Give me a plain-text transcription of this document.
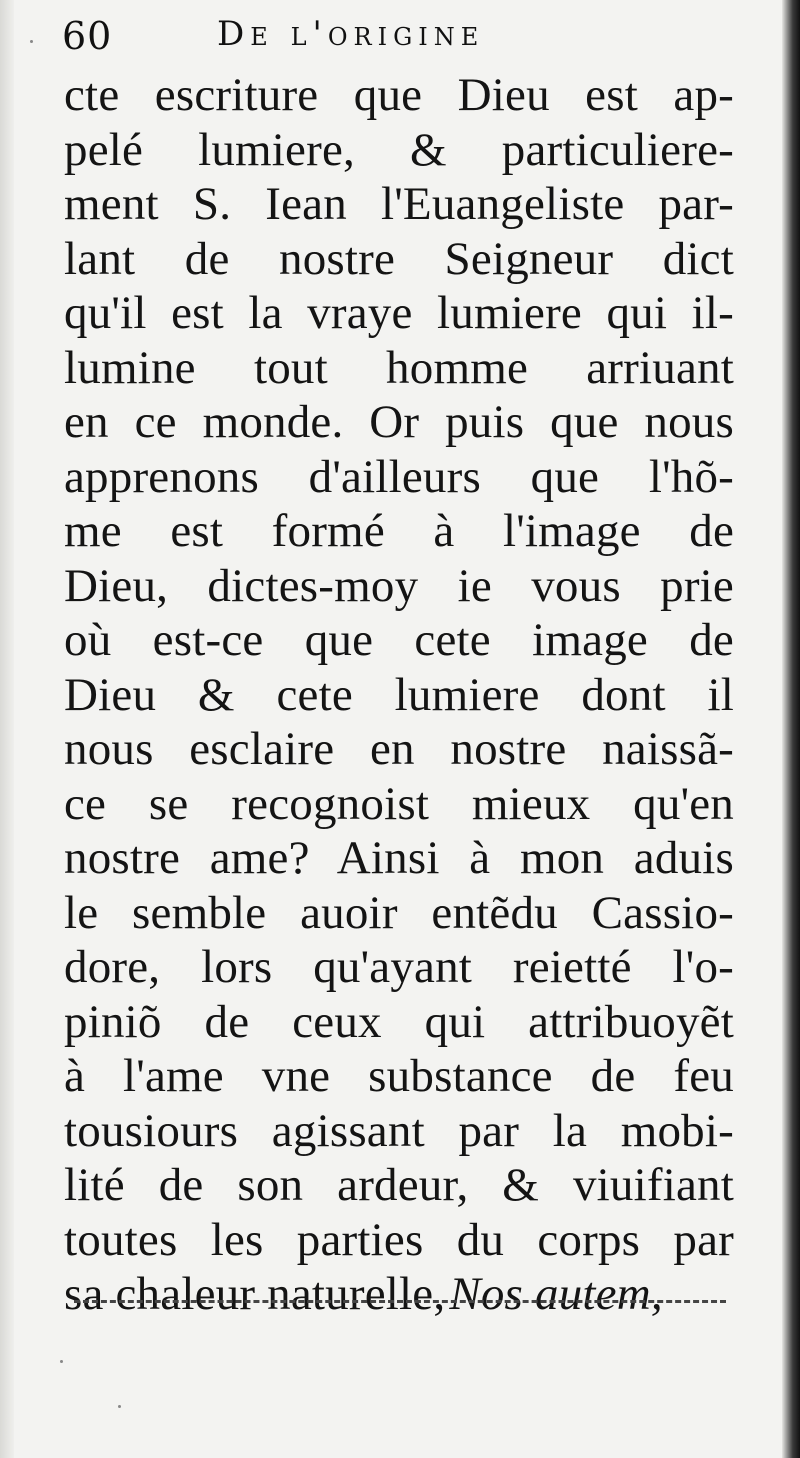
60	De l'origine
cte escriture que Dieu est ap-
pelé lumiere, & particuliere-
ment S. Iean l'Euangeliste par-
lant de nostre Seigneur dict
qu'il est la vraye lumiere qui il-
lumine tout homme arriuant
en ce monde. Or puis que nous
apprenons d'ailleurs que l'hõ-
me est formé à l'image de
Dieu, dictes-moy ie vous prie
où est-ce que cete image de
Dieu & cete lumiere dont il
nous esclaire en nostre naissã-
ce se recognoist mieux qu'en
nostre ame? Ainsi à mon aduis
le semble auoir entẽdu Cassio-
dore, lors qu'ayant reietté l'o-
piniõ de ceux qui attribuoyẽt
à l'ame vne substance de feu
tousiours agissant par la mobi-
lité de son ardeur, & viuifiant
toutes les parties du corps par
sa chaleur naturelle,Nos autem,
